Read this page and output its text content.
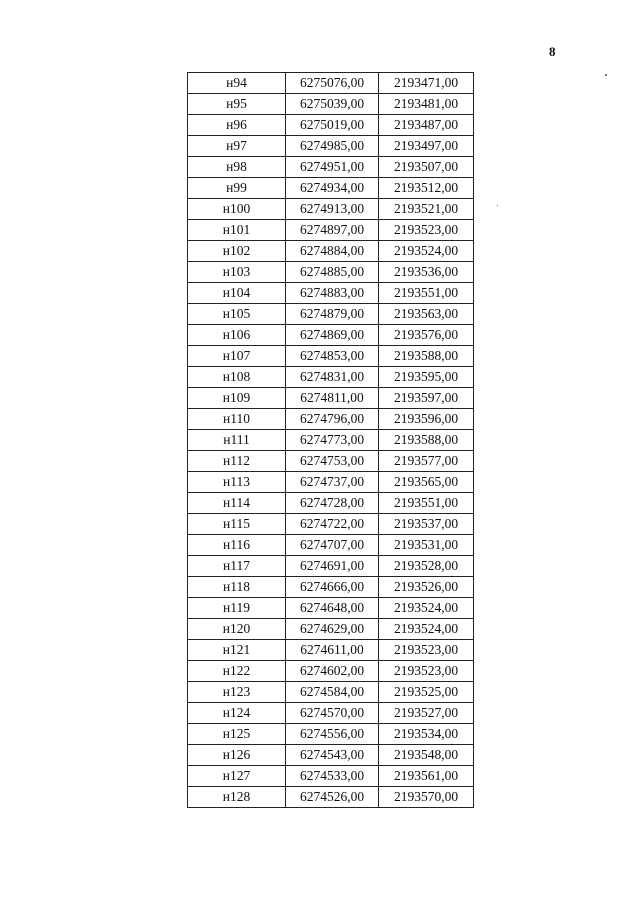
8
н94	6275076,00	2193471,00
н95	6275039,00	2193481,00
н96	6275019,00	2193487,00
н97	6274985,00	2193497,00
н98	6274951,00	2193507,00
н99	6274934,00	2193512,00
н100	6274913,00	2193521,00
н101	6274897,00	2193523,00
н102	6274884,00	2193524,00
н103	6274885,00	2193536,00
н104	6274883,00	2193551,00
н105	6274879,00	2193563,00
н106	6274869,00	2193576,00
н107	6274853,00	2193588,00
н108	6274831,00	2193595,00
н109	6274811,00	2193597,00
н110	6274796,00	2193596,00
н111	6274773,00	2193588,00
н112	6274753,00	2193577,00
н113	6274737,00	2193565,00
н114	6274728,00	2193551,00
н115	6274722,00	2193537,00
н116	6274707,00	2193531,00
н117	6274691,00	2193528,00
н118	6274666,00	2193526,00
н119	6274648,00	2193524,00
н120	6274629,00	2193524,00
н121	6274611,00	2193523,00
н122	6274602,00	2193523,00
н123	6274584,00	2193525,00
н124	6274570,00	2193527,00
н125	6274556,00	2193534,00
н126	6274543,00	2193548,00
н127	6274533,00	2193561,00
н128	6274526,00	2193570,00
